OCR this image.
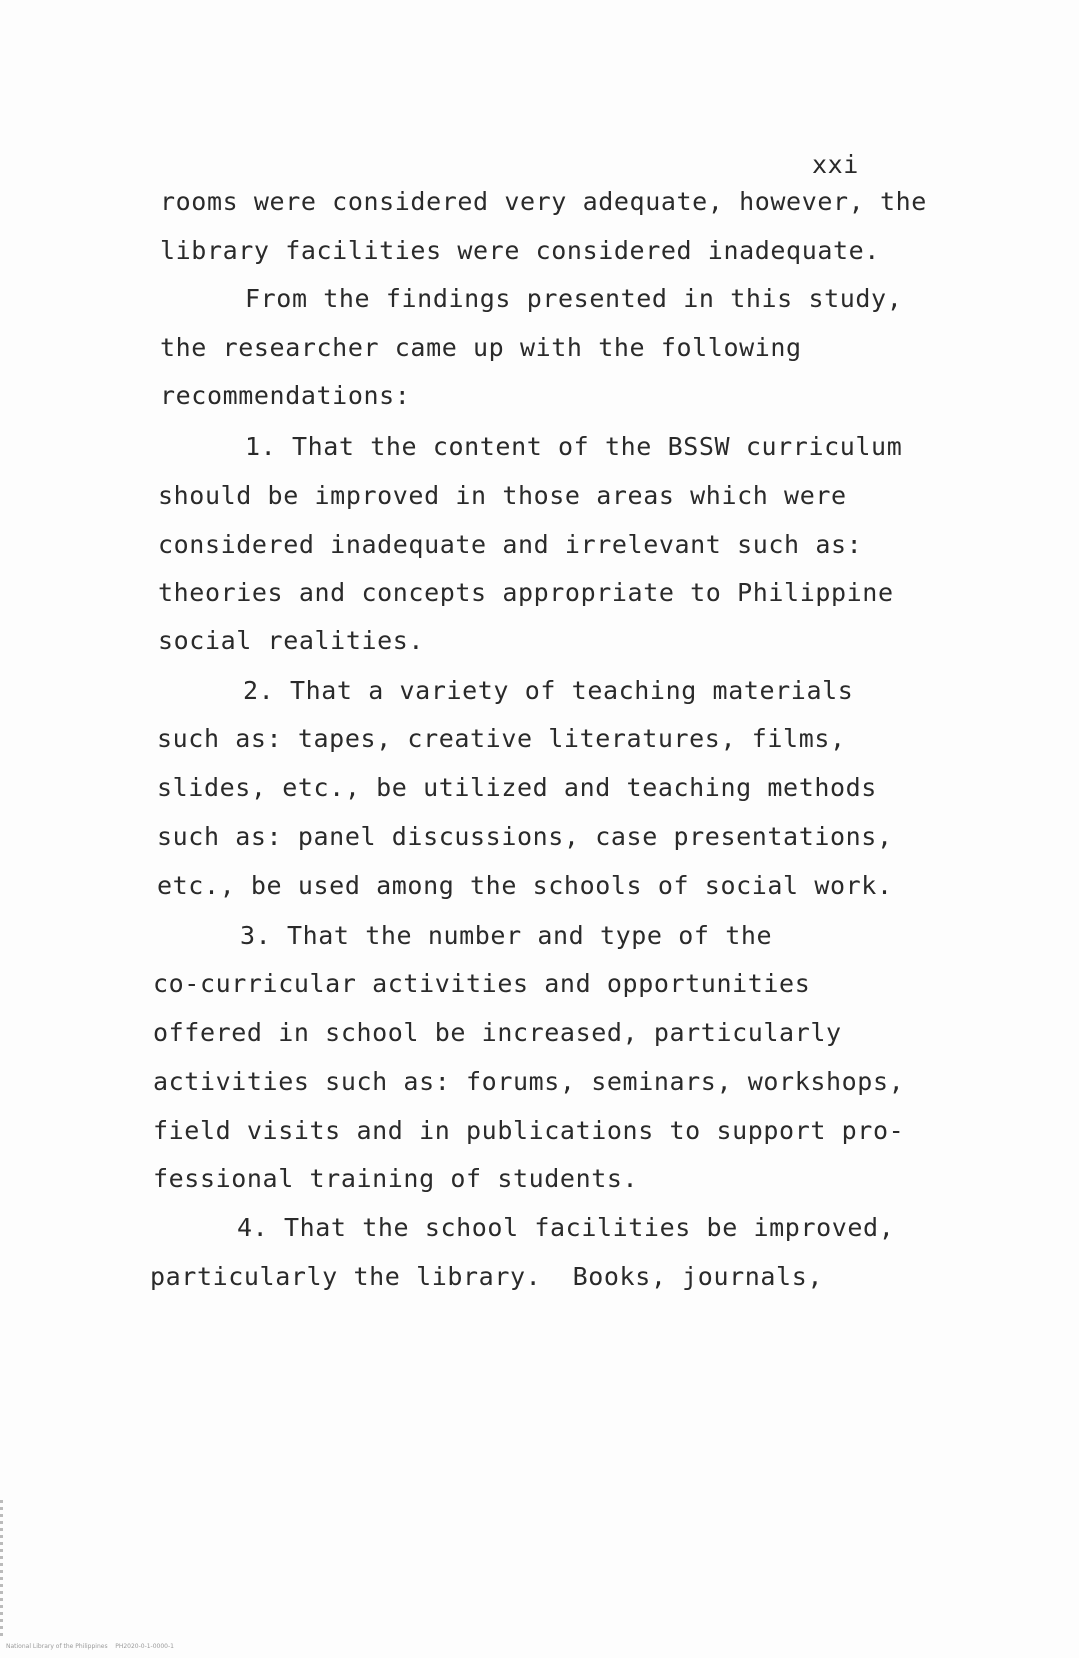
xxi
rooms were considered very adequate, however, the
library facilities were considered inadequate.
From the findings presented in this study,
the researcher came up with the following
recommendations:
1. That the content of the BSSW curriculum
should be improved in those areas which were
considered inadequate and irrelevant such as:
theories and concepts appropriate to Philippine
social realities.
2. That a variety of teaching materials
such as: tapes, creative literatures, films,
slides, etc., be utilized and teaching methods
such as: panel discussions, case presentations,
etc., be used among the schools of social work.
3. That the number and type of the
co-curricular activities and opportunities
offered in school be increased, particularly
activities such as: forums, seminars, workshops,
field visits and in publications to support pro-
fessional training of students.
4. That the school facilities be improved,
particularly the library.  Books, journals,
National Library of the Philippines    PH2020-0-1-0000-1
